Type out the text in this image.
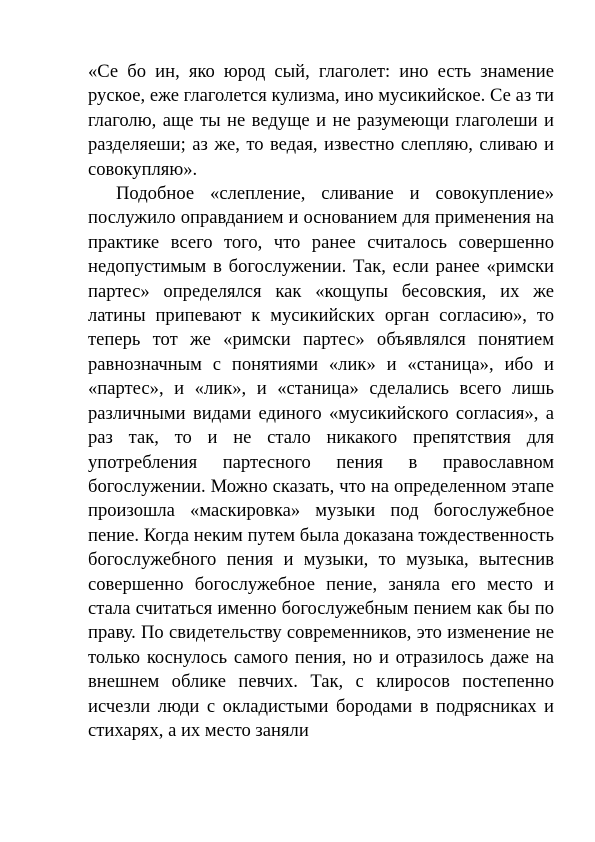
«Се бо ин, яко юрод сый, глаголет: ино есть знамение руское, еже глаголется кулизма, ино мусикийское. Се аз ти глаголю, аще ты не ведуще и не разумеющи глаголеши и разделяеши; аз же, то ведая, известно слепляю, сливаю и совокупляю».

Подобное «слепление, сливание и совокупление» послужило оправданием и основанием для применения на практике всего того, что ранее считалось совершенно недопустимым в богослужении. Так, если ранее «римски партес» определялся как «кощупы бесовския, их же латины припевают к мусикийских орган согласию», то теперь тот же «римски партес» объявлялся понятием равнозначным с понятиями «лик» и «станица», ибо и «партес», и «лик», и «станица» сделались всего лишь различными видами единого «мусикийского согласия», а раз так, то и не стало никакого препятствия для употребления партесного пения в православном богослужении. Можно сказать, что на определенном этапе произошла «маскировка» музыки под богослужебное пение. Когда неким путем была доказана тождественность богослужебного пения и музыки, то музыка, вытеснив совершенно богослужебное пение, заняла его место и стала считаться именно богослужебным пением как бы по праву. По свидетельству современников, это изменение не только коснулось самого пения, но и отразилось даже на внешнем облике певчих. Так, с клиросов постепенно исчезли люди с окладистыми бородами в подрясниках и стихарях, а их место заняли
